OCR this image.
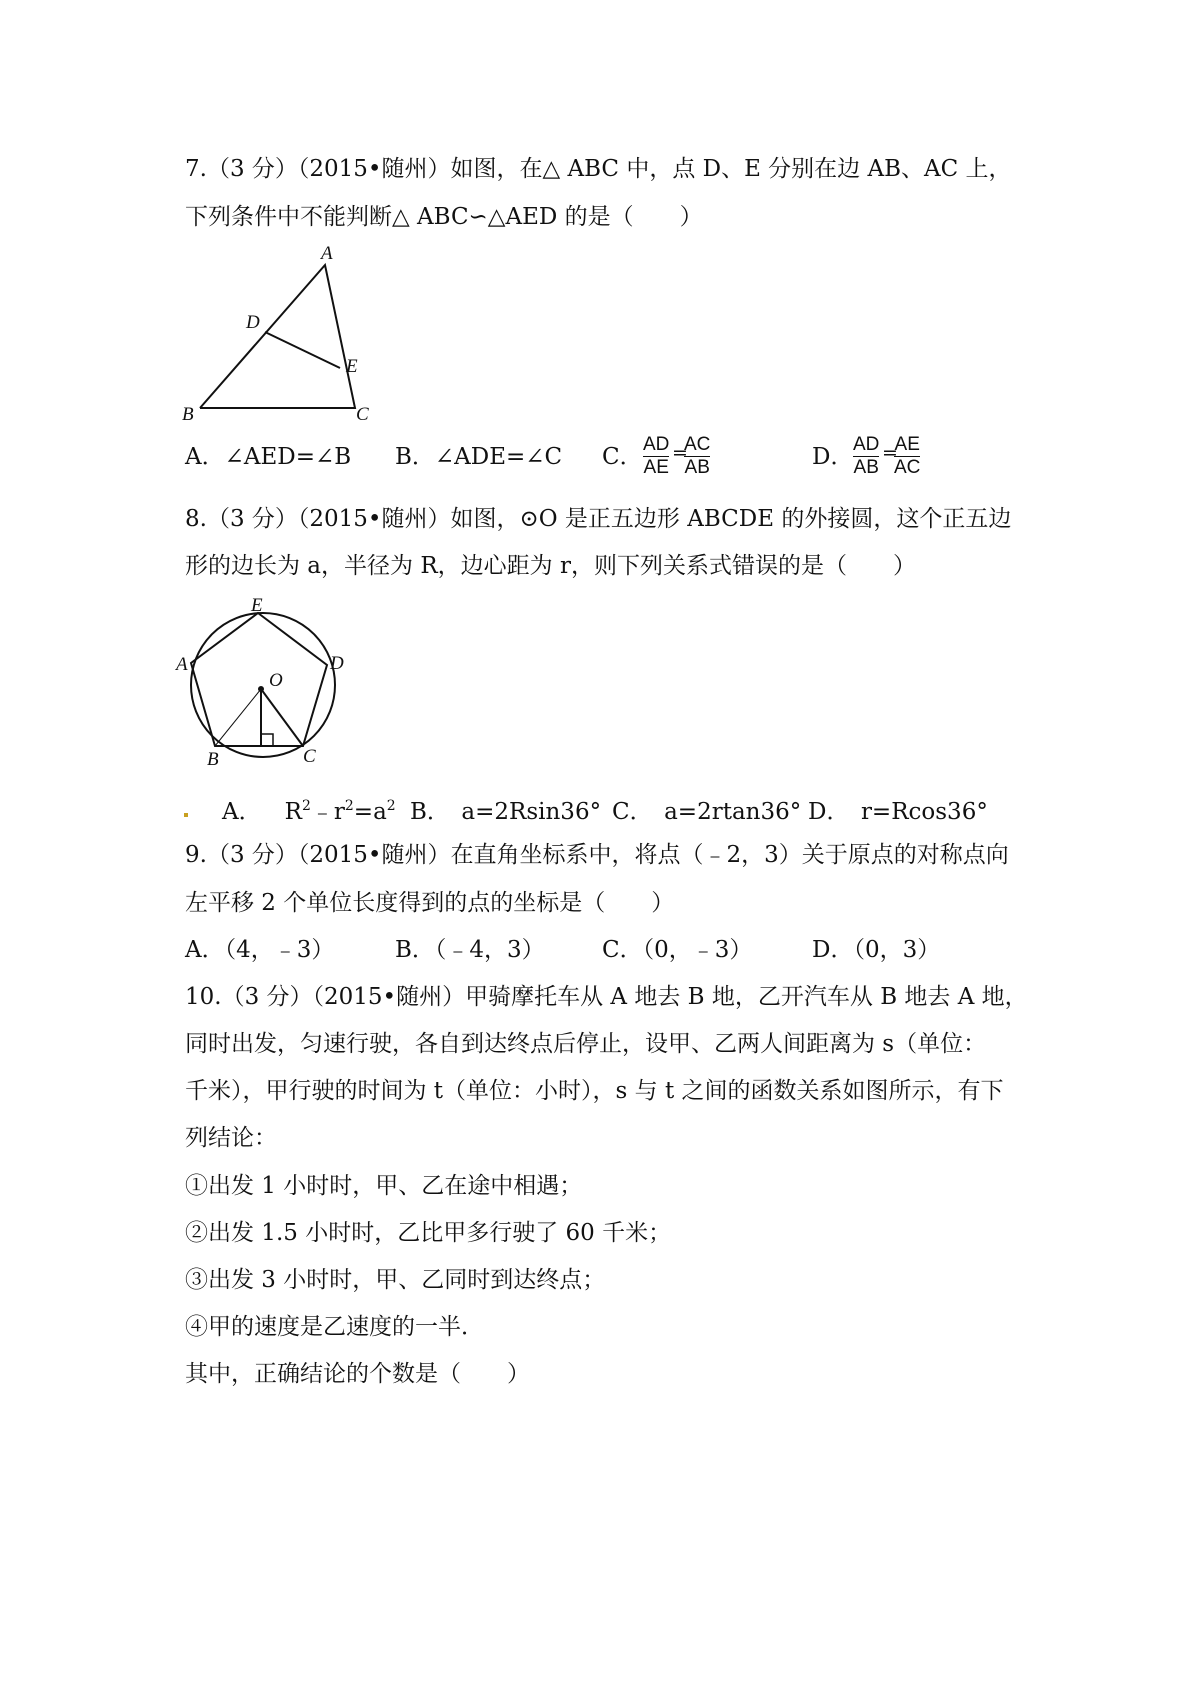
7.（3 分）（2015•随州）如图，在△ ABC 中，点 D、E 分别在边 AB、AC 上，
下列条件中不能判断△ ABC∽△AED 的是（　　）
A
D
E
B	C
A．∠AED=∠B B．∠ADE=∠C C． $\frac{AD}{AE}$ =
$\frac{AC}{AB}$	D． $\frac{AD}{AB}$ =
$\frac{AE}{AC}$
8.（3 分）（2015•随州）如图，⊙O 是正五边形 ABCDE 的外接圆，这个正五边
形的边长为 a，半径为 R，边心距为 r，则下列关系式错误的是（　　）
E
A	D
O
B	C
A．  $R^2﹣r^2=a^2$ B．　a=2Rsin36° C．　a=2rtan36° D．　r=Rcos36°
9.（3 分）（2015•随州）在直角坐标系中，将点（﹣2，3）关于原点的对称点向
左平移 2 个单位长度得到的点的坐标是（　　）
A．（4，﹣3）	B．（﹣4，3） C．（0，﹣3）	D．（0，3）
10.（3 分）（2015•随州）甲骑摩托车从 A 地去 B 地，乙开汽车从 B 地去 A 地，
同时出发，匀速行驶，各自到达终点后停止，设甲、乙两人间距离为 s（单位：
千米），甲行驶的时间为 t（单位：小时），s 与 t 之间的函数关系如图所示，有下
列结论：
①出发 1 小时时，甲、乙在途中相遇；
②出发 1.5 小时时，乙比甲多行驶了 60 千米；
③出发 3 小时时，甲、乙同时到达终点；
④甲的速度是乙速度的一半．
其中，正确结论的个数是（　　）
